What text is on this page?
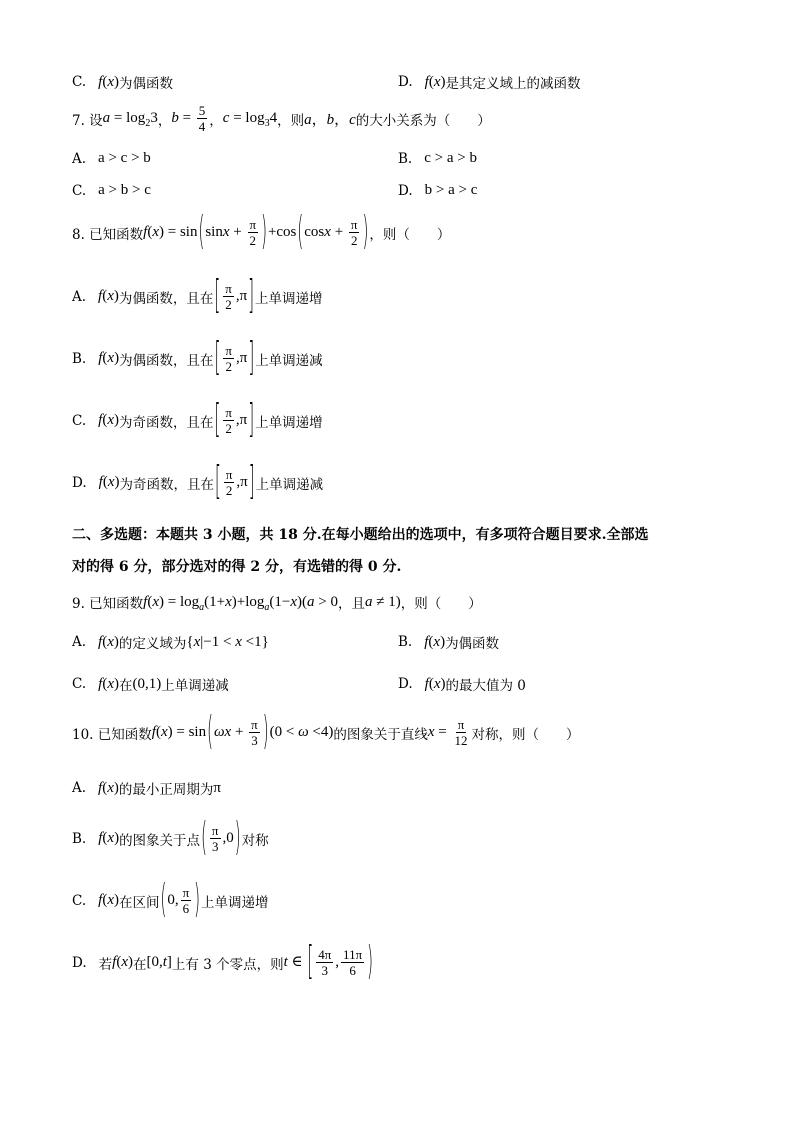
C. f(x) 为偶函数	D. f(x) 是其定义域上的减函数
7. 设 $a = \log_23$ ， $b = \frac{5}{4}$ ， $c = \log_34$ ，则 a，b，c 的大小关系为（　　）
A. a > c > b	B. c > a > b
C. a > b > c	D. b > a > c
8. 已知函数 $f(x) = \sin(\sin x + \frac{\pi}{2} )+\cos(\cos x + \frac{\pi}{2}$ ) ，则（　　）
A. f(x) 为偶函数，且在 [ $\frac{\pi}{2} ,\pi$] 上单调递增
B. f(x) 为偶函数，且在 [ $\frac{\pi}{2} ,\pi$] 上单调递减
C. f(x) 为奇函数，且在 [ $\frac{\pi}{2} ,\pi$] 上单调递增
D. f(x) 为奇函数，且在 [ $\frac{\pi}{2} ,\pi$] 上单调递减
二、多选题：本题共 3 小题，共 18 分.在每小题给出的选项中，有多项符合题目要求.全部选
对的得 6 分，部分选对的得 2 分，有选错的得 0 分.
9. 已知函数 $f(x) = \log_a(1+x)+\log_a(1-x)(a > 0$ ，且 a ≠ 1) ，则（　　）
A. f(x) 的定义域为 {x|−1 < x <1}	B. f(x) 为偶函数
C. f(x) 在 (0,1) 上单调递减	D. f(x) 的最大值为 0
10. 已知函数 $f(x) = \sin(\omega x + \frac{\pi}{3} )(0 < \omega <4)$ 的图象关于直线 $x = \frac{\pi}{12}$ 对称，则（　　）
A. f(x) 的最小正周期为 π
B. f(x) 的图象关于点 ( $\frac{\pi}{3} ,0$) 对称
C. f(x) 在区间 (0, $\frac{\pi}{6}$ ) 上单调递增
D. 若 f(x) 在 [0,t] 上有 3 个零点，则 t ∈ [ $\frac{4\pi}{3}$ , $\frac{11\pi}{6}$ )
